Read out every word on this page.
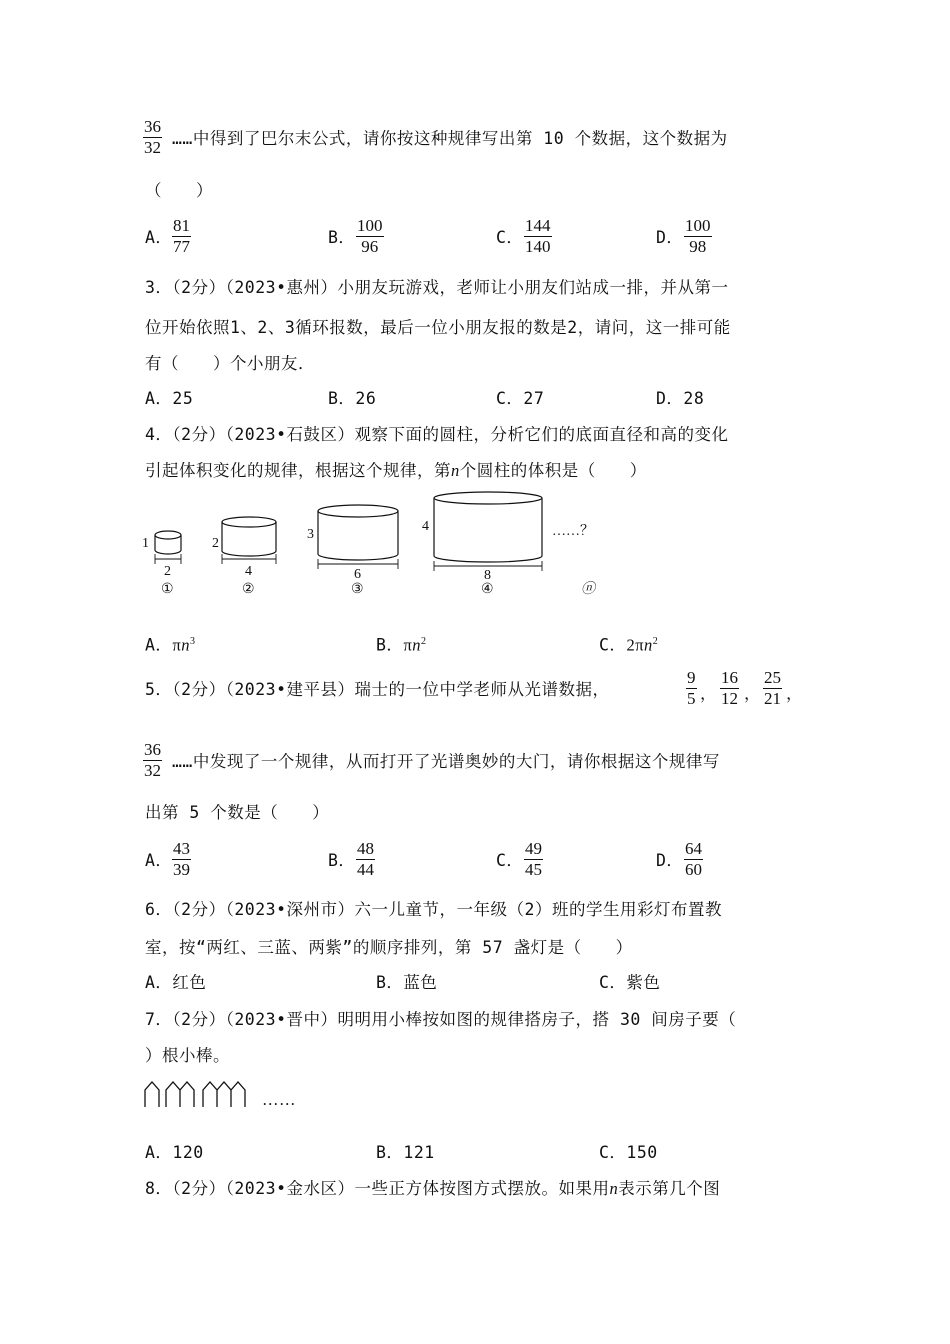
$\frac{36}{32}$ ……中得到了巴尔末公式，请你按这种规律写出第 10 个数据，这个数据为
（　　）
A． $\frac{81}{77}$	B． $\frac{100}{96}$	C． $\frac{144}{140}$	D． $\frac{100}{98}$
3．（2分）（2023•惠州）小朋友玩游戏，老师让小朋友们站成一排，并从第一
位开始依照1、2、3循环报数，最后一位小朋友报的数是2，请问，这一排可能
有（　　）个小朋友．
A．25	B．26	C．27	D．28
4．（2分）（2023•石鼓区）观察下面的圆柱，分析它们的底面直径和高的变化
引起体积变化的规律，根据这个规律，第n个圆柱的体积是（　　）
1	2
3
4
2	4	6	8
①	②	③	④	ⓝ
……？
A．$\pi n^3$	B．$\pi n^2$	C．$2\pi n^2$
5．（2分）（2023•建平县）瑞士的一位中学老师从光谱数据，	$\frac{9}{5}$ ， $\frac{16}{12}$ ， $\frac{25}{21}$ ，
$\frac{36}{32}$ ……中发现了一个规律，从而打开了光谱奥妙的大门，请你根据这个规律写
出第 5 个数是（　　）
A． $\frac{43}{39}$	B． $\frac{48}{44}$	C． $\frac{49}{45}$	D． $\frac{64}{60}$
6．（2分）（2023•深州市）六一儿童节，一年级（2）班的学生用彩灯布置教
室，按“两红、三蓝、两紫”的顺序排列，第 57 盏灯是（　　）
A．红色	B．蓝色	C．紫色
7．（2分）（2023•晋中）明明用小棒按如图的规律搭房子，搭 30 间房子要（
）根小棒。
……
A．120	B．121	C．150
8．（2分）（2023•金水区）一些正方体按图方式摆放。如果用n表示第几个图
